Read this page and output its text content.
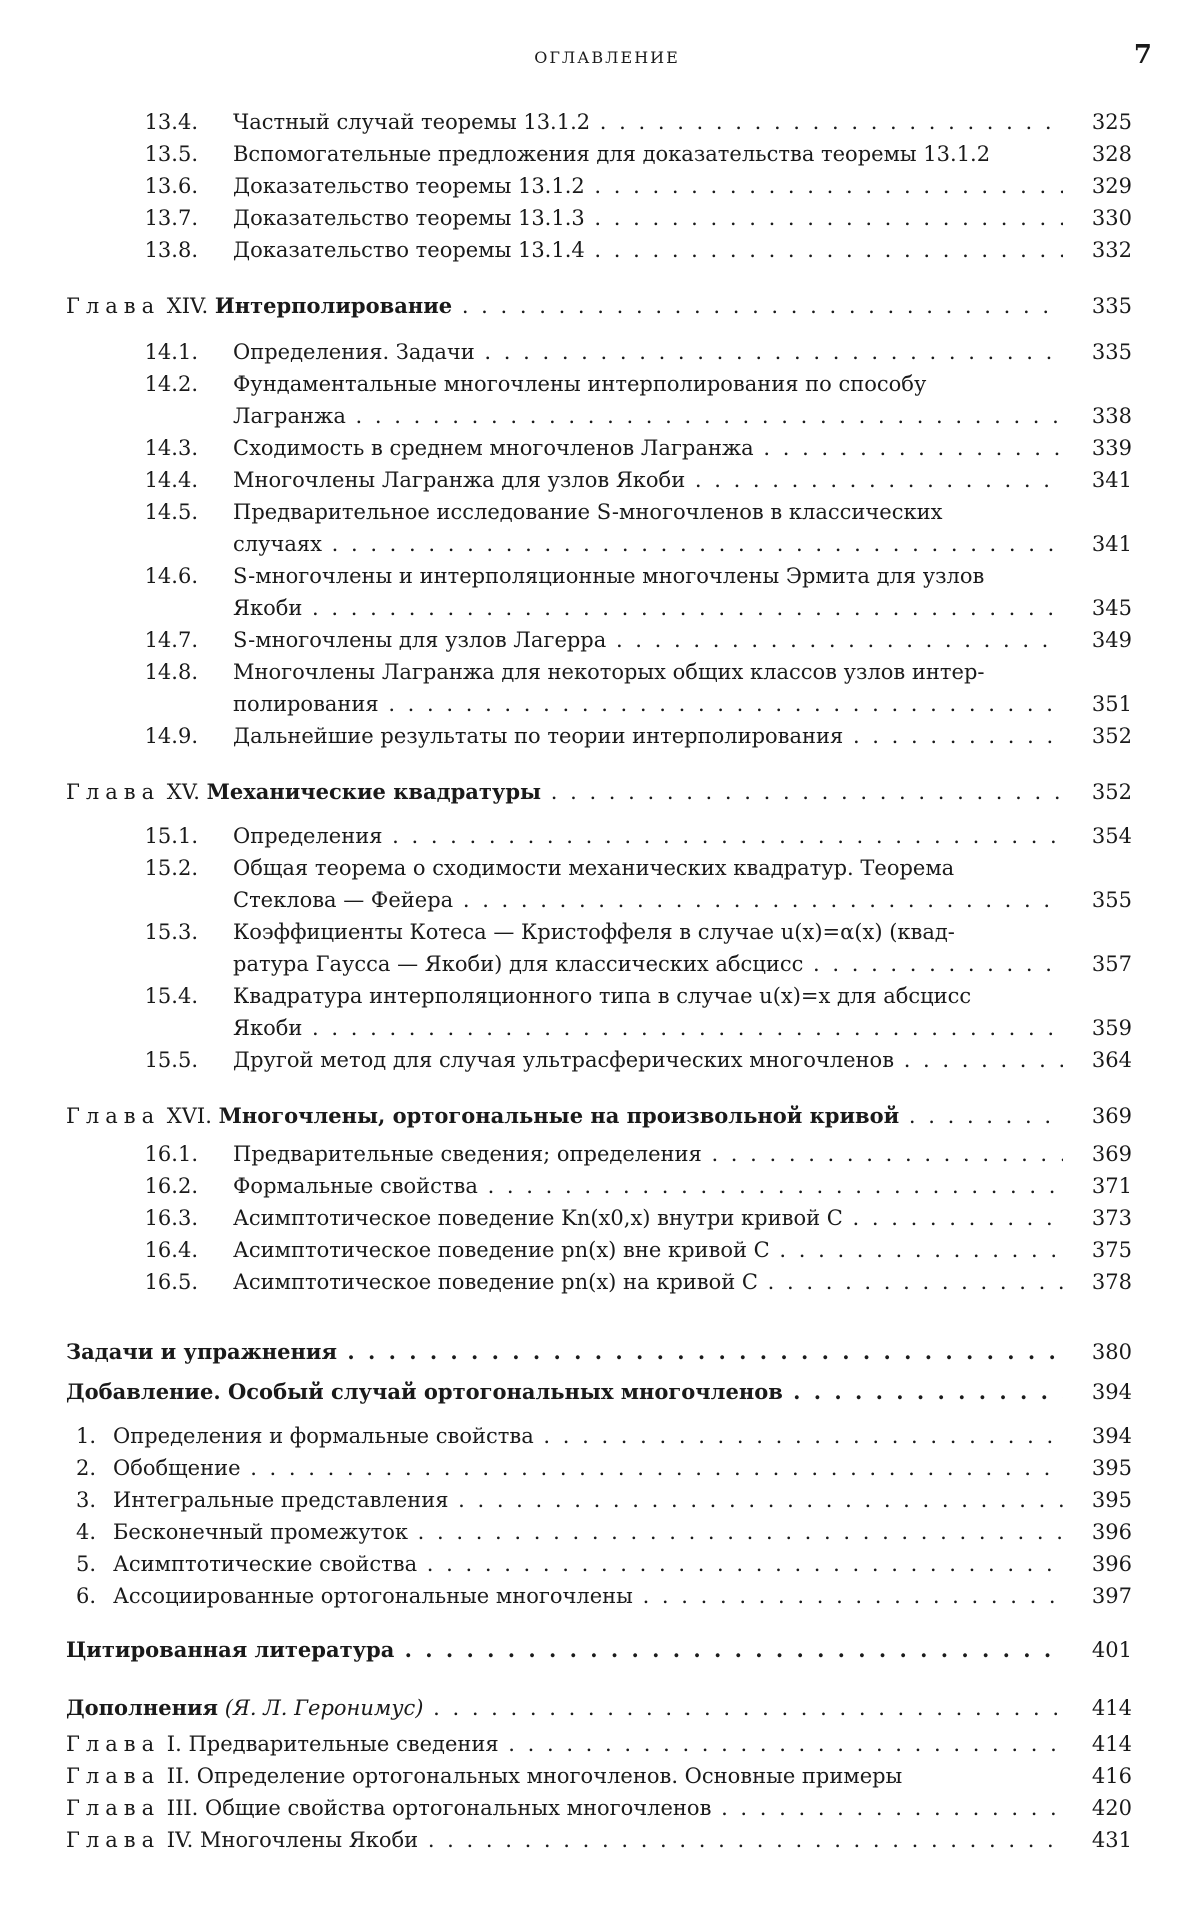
ОГЛАВЛЕНИЕ	7
13.4. Частный случай теоремы 13.1.2 . . .	325
13.5. Вспомогательные предложения для доказательства теоремы 13.1.2	328
13.6. Доказательство теоремы 13.1.2 . . .	329
13.7. Доказательство теоремы 13.1.3 . . .	330
13.8. Доказательство теоремы 13.1.4 . . .	332
Глава XIV. Интерполирование . . .	335
14.1. Определения. Задачи . . .	335
14.2. Фундаментальные многочлены интерполирования по способу
Лагранжа . . .	338
14.3. Сходимость в среднем многочленов Лагранжа . . .	339
14.4. Многочлены Лагранжа для узлов Якоби . . .	341
14.5. Предварительное исследование S-многочленов в классических
случаях . . .	341
14.6. S-многочлены и интерполяционные многочлены Эрмита для узлов
Якоби . . .	345
14.7. S-многочлены для узлов Лагерра . . .	349
14.8. Многочлены Лагранжа для некоторых общих классов узлов интер-
полирования . . .	351
14.9. Дальнейшие результаты по теории интерполирования . . .	352
Глава XV. Механические квадратуры . . .	352
15.1. Определения . . .	354
15.2. Общая теорема о сходимости механических квадратур. Теорема
Стеклова — Фейера . . .	355
15.3. Коэффициенты Котеса — Кристоффеля в случае u(x)=α(x) (квад-
ратура Гаусса — Якоби) для классических абсцисс . . .	357
15.4. Квадратура интерполяционного типа в случае u(x)=x для абсцисс
Якоби . . .	359
15.5. Другой метод для случая ультрасферических многочленов . . .	364
Глава XVI. Многочлены, ортогональные на произвольной кривой . . .	369
16.1. Предварительные сведения; определения . . .	369
16.2. Формальные свойства . . .	371
16.3. Асимптотическое поведение Kn(x0,x) внутри кривой C . . .	373
16.4. Асимптотическое поведение pn(x) вне кривой C . . .	375
16.5. Асимптотическое поведение pn(x) на кривой C . . .	378
Задачи и упражнения . . .	380
Добавление. Особый случай ортогональных многочленов . . .	394
1. Определения и формальные свойства . . .	394
2. Обобщение . . .	395
3. Интегральные представления . . .	395
4. Бесконечный промежуток . . .	396
5. Асимптотические свойства . . .	396
6. Ассоциированные ортогональные многочлены . . .	397
Цитированная литература . . .	401
Дополнения (Я. Л. Геронимус) . . .	414
Глава I. Предварительные сведения . . .	414
Глава II. Определение ортогональных многочленов. Основные примеры	416
Глава III. Общие свойства ортогональных многочленов . . .	420
Глава IV. Многочлены Якоби . . .	431
